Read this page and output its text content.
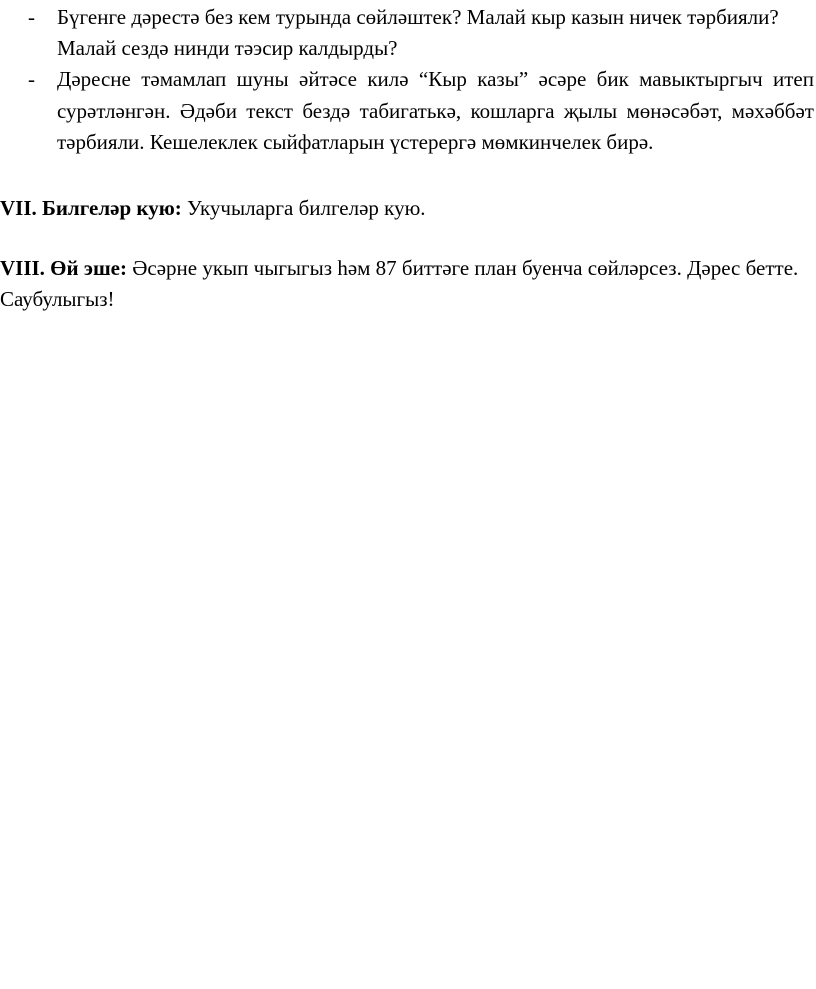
- Бүгенге дәрестә без кем турында сөйләштек? Малай кыр казын ничек тәрбияли? Малай сездә нинди тәэсир калдырды?
- Дәресне тәмамлап шуны әйтәсе килә “Кыр казы” әсәре бик мавыктыргыч итеп сурәтләнгән. Әдәби текст бездә табигатькә, кошларга җылы мөнәсәбәт, мәхәббәт тәрбияли. Кешелеклек сыйфатларын үстерергә мөмкинчелек бирә.

VII. Билгеләр кую: Укучыларга билгеләр кую.

VIII. Өй эше: Әсәрне укып чыгыгыз һәм 87 биттәге план буенча сөйләрсез. Дәрес бетте. Саубулыгыз!
